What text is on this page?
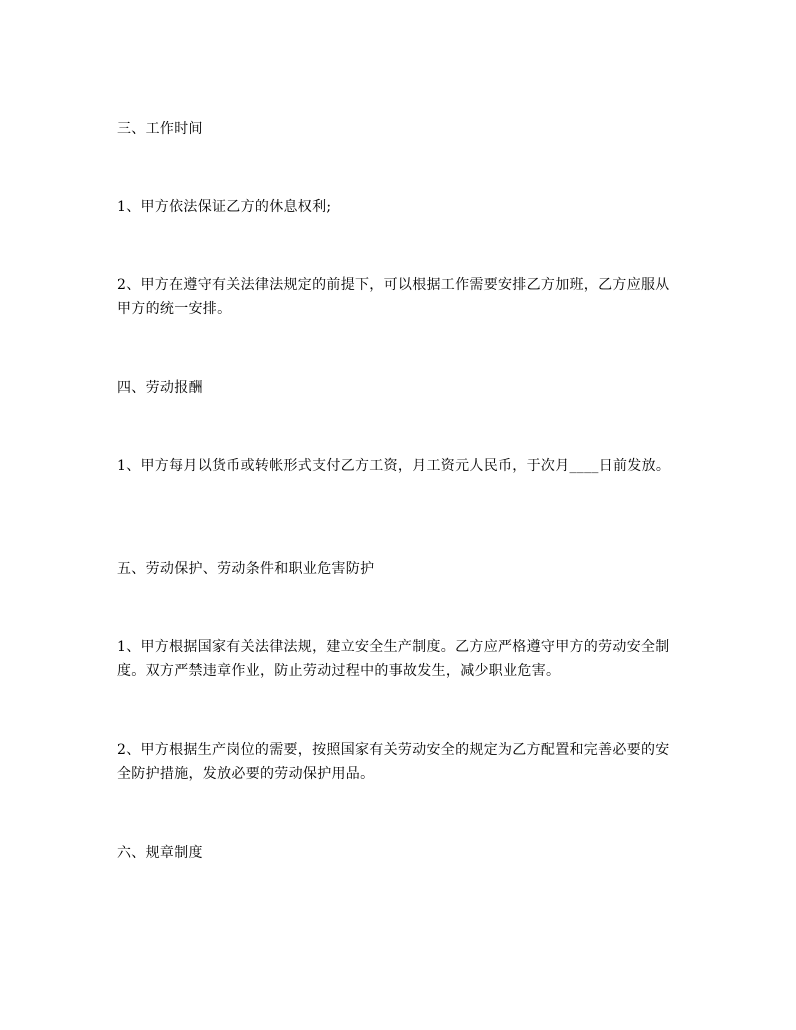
三、工作时间

1、甲方依法保证乙方的休息权利;

2、甲方在遵守有关法律法规定的前提下，可以根据工作需要安排乙方加班，乙方应服从甲方的统一安排。

四、劳动报酬

1、甲方每月以货币或转帐形式支付乙方工资，月工资元人民币，于次月____日前发放。

五、劳动保护、劳动条件和职业危害防护

1、甲方根据国家有关法律法规，建立安全生产制度。乙方应严格遵守甲方的劳动安全制度。双方严禁违章作业，防止劳动过程中的事故发生，减少职业危害。

2、甲方根据生产岗位的需要，按照国家有关劳动安全的规定为乙方配置和完善必要的安全防护措施，发放必要的劳动保护用品。

六、规章制度
